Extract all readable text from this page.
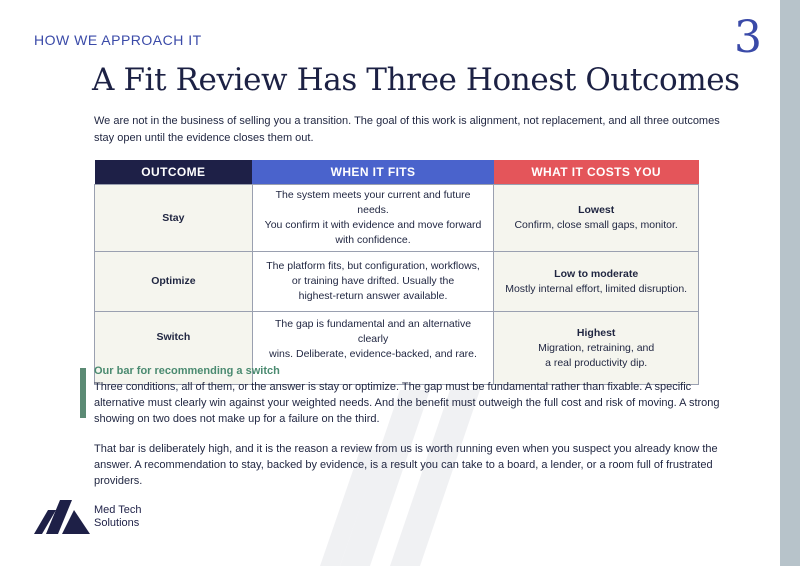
HOW WE APPROACH IT	3
A Fit Review Has Three Honest Outcomes
We are not in the business of selling you a transition. The goal of this work is alignment, not replacement, and all three outcomes stay open until the evidence closes them out.
OUTCOME	WHEN IT FITS	WHAT IT COSTS YOU
Stay	The system meets your current and future needs.
You confirm it with evidence and move forward
with confidence.	Lowest
Confirm, close small gaps, monitor.

Optimize	The platform fits, but configuration, workflows,
or training have drifted. Usually the
highest-return answer available.	Low to moderate
Mostly internal effort, limited disruption.

Switch	The gap is fundamental and an alternative clearly
wins. Deliberate, evidence-backed, and rare.	Highest
Migration, retraining, and
a real productivity dip.
Our bar for recommending a switch
Three conditions, all of them, or the answer is stay or optimize. The gap must be fundamental rather than fixable. A specific alternative must clearly win against your weighted needs. And the benefit must outweigh the full cost and risk of moving. A strong showing on two does not make up for a failure on the third.
That bar is deliberately high, and it is the reason a review from us is worth running even when you suspect you already know the answer. A recommendation to stay, backed by evidence, is a result you can take to a board, a lender, or a room full of frustrated providers.
Med Tech
Solutions
